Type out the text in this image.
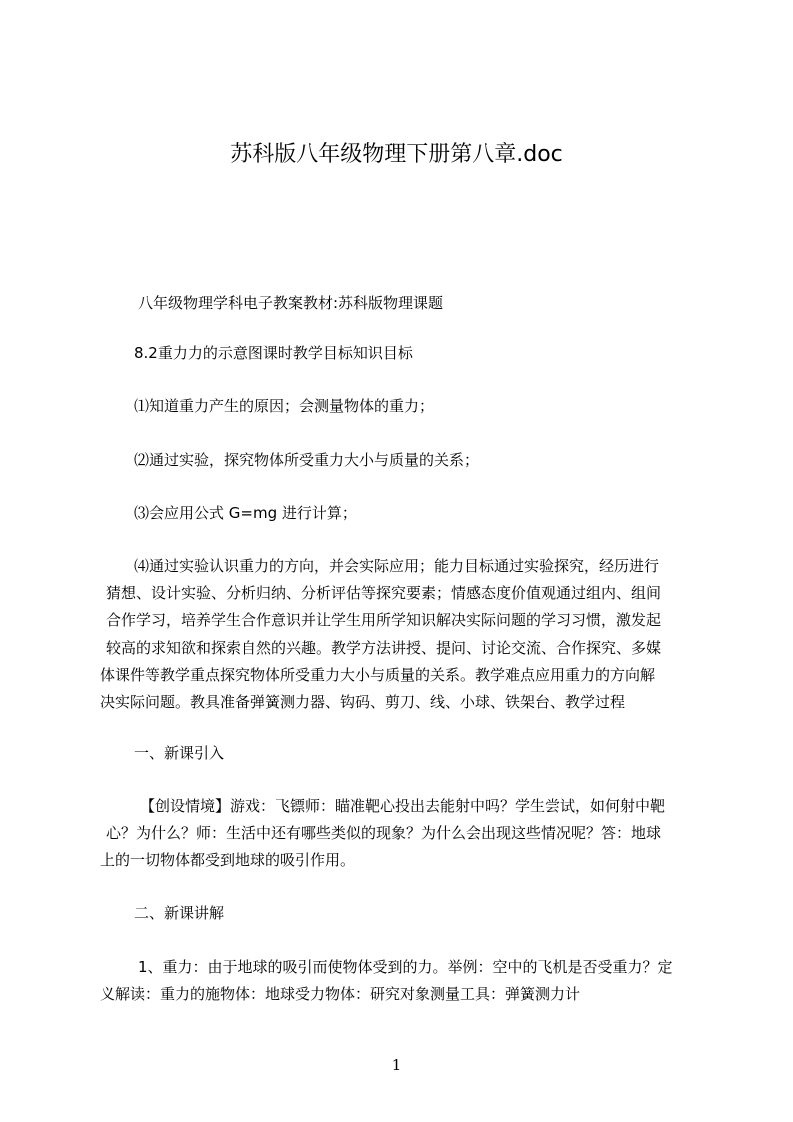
苏科版八年级物理下册第八章.doc
八年级物理学科电子教案教材:苏科版物理课题
8.2重力力的示意图课时教学目标知识目标
⑴知道重力产生的原因；会测量物体的重力；
⑵通过实验，探究物体所受重力大小与质量的关系；
⑶会应用公式 G=mg 进行计算；
⑷通过实验认识重力的方向，并会实际应用；能力目标通过实验探究，经历进行
猜想、设计实验、分析归纳、分析评估等探究要素；情感态度价值观通过组内、组间
合作学习，培养学生合作意识并让学生用所学知识解决实际问题的学习习惯，激发起
较高的求知欲和探索自然的兴趣。教学方法讲授、提问、讨论交流、合作探究、多媒
体课件等教学重点探究物体所受重力大小与质量的关系。教学难点应用重力的方向解
决实际问题。教具准备弹簧测力器、钩码、剪刀、线、小球、铁架台、教学过程
一、新课引入
【创设情境】游戏：飞镖师：瞄准靶心投出去能射中吗？学生尝试，如何射中靶
心？为什么？师：生活中还有哪些类似的现象？为什么会出现这些情况呢？答：地球
上的一切物体都受到地球的吸引作用。
二、新课讲解
1、重力：由于地球的吸引而使物体受到的力。举例：空中的飞机是否受重力？定
义解读：重力的施物体：地球受力物体：研究对象测量工具：弹簧测力计
1
